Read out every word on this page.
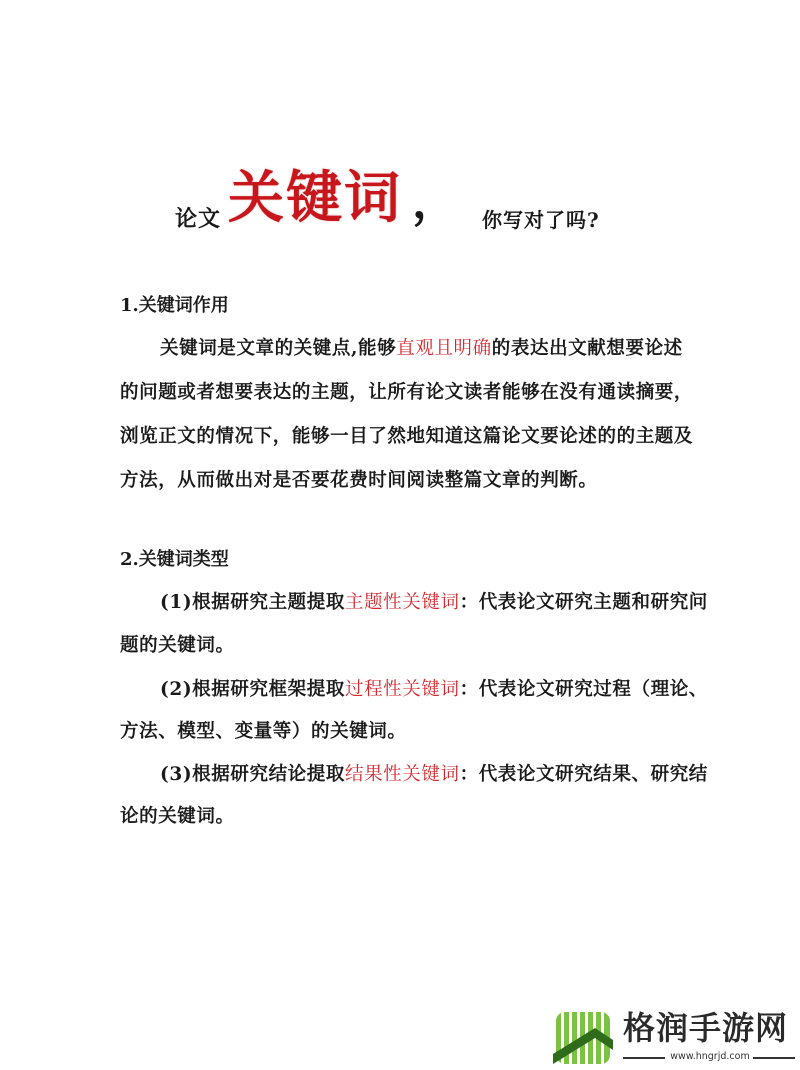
论文 关键词 ， 你写对了吗?
1.关键词作用
关键词是文章的关键点,能够直观且明确的表达出文献想要论述
的问题或者想要表达的主题，让所有论文读者能够在没有通读摘要，
浏览正文的情况下，能够一目了然地知道这篇论文要论述的的主题及
方法，从而做出对是否要花费时间阅读整篇文章的判断。
2.关键词类型
(1)根据研究主题提取主题性关键词：代表论文研究主题和研究问
题的关键词。
(2)根据研究框架提取过程性关键词：代表论文研究过程（理论、
方法、模型、变量等）的关键词。
(3)根据研究结论提取结果性关键词：代表论文研究结果、研究结
论的关键词。
格润手游网
www.hngrjd.com
